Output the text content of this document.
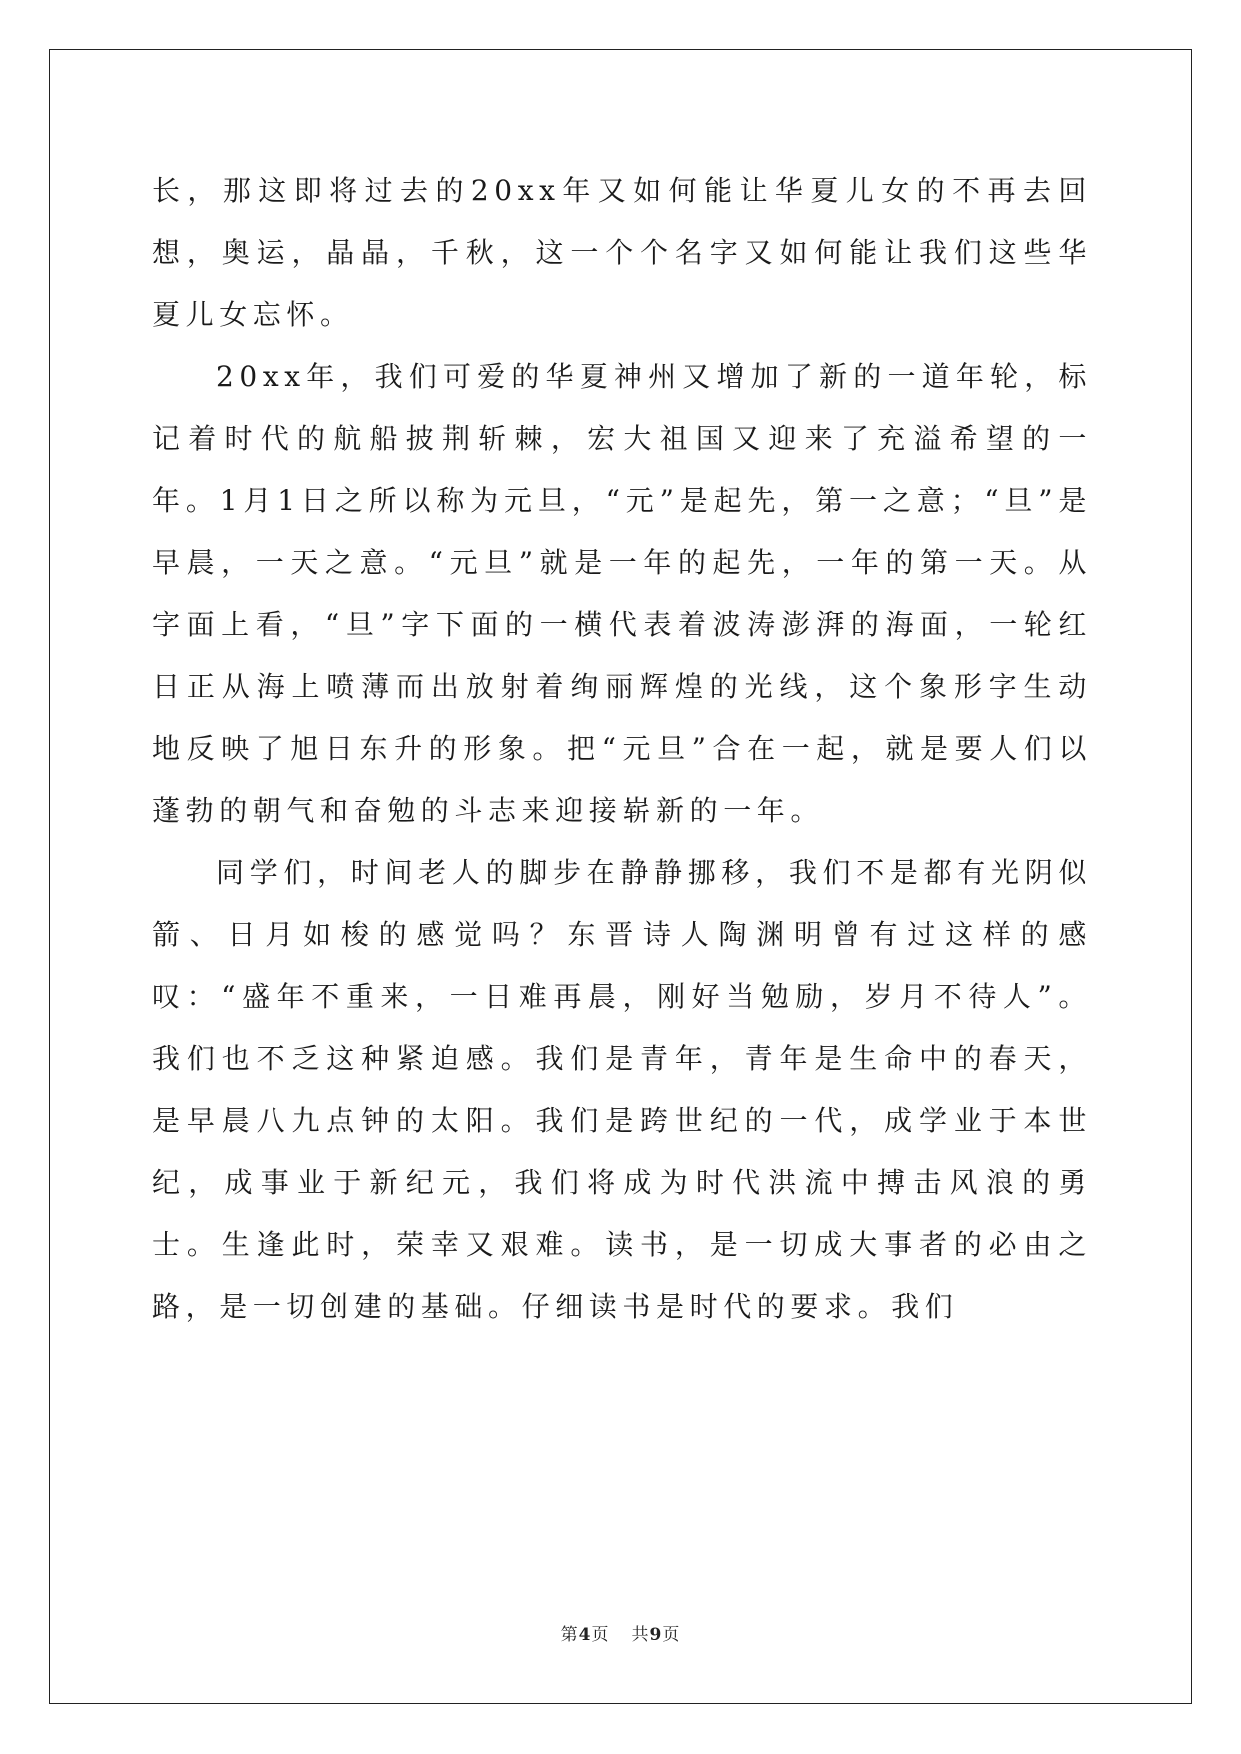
长，那这即将过去的20xx年又如何能让华夏儿女的不再去回想，奥运，晶晶，千秋，这一个个名字又如何能让我们这些华夏儿女忘怀。

20xx年，我们可爱的华夏神州又增加了新的一道年轮，标记着时代的航船披荆斩棘，宏大祖国又迎来了充溢希望的一年。1月1日之所以称为元旦，“元”是起先，第一之意；“旦”是早晨，一天之意。“元旦”就是一年的起先，一年的第一天。从字面上看，“旦”字下面的一横代表着波涛澎湃的海面，一轮红日正从海上喷薄而出放射着绚丽辉煌的光线，这个象形字生动地反映了旭日东升的形象。把“元旦”合在一起，就是要人们以蓬勃的朝气和奋勉的斗志来迎接崭新的一年。

同学们，时间老人的脚步在静静挪移，我们不是都有光阴似箭、日月如梭的感觉吗？东晋诗人陶渊明曾有过这样的感叹：“盛年不重来，一日难再晨，刚好当勉励，岁月不待人”。我们也不乏这种紧迫感。我们是青年，青年是生命中的春天，是早晨八九点钟的太阳。我们是跨世纪的一代，成学业于本世纪，成事业于新纪元，我们将成为时代洪流中搏击风浪的勇士。生逢此时，荣幸又艰难。读书，是一切成大事者的必由之路，是一切创建的基础。仔细读书是时代的要求。我们

第4页 共9页
